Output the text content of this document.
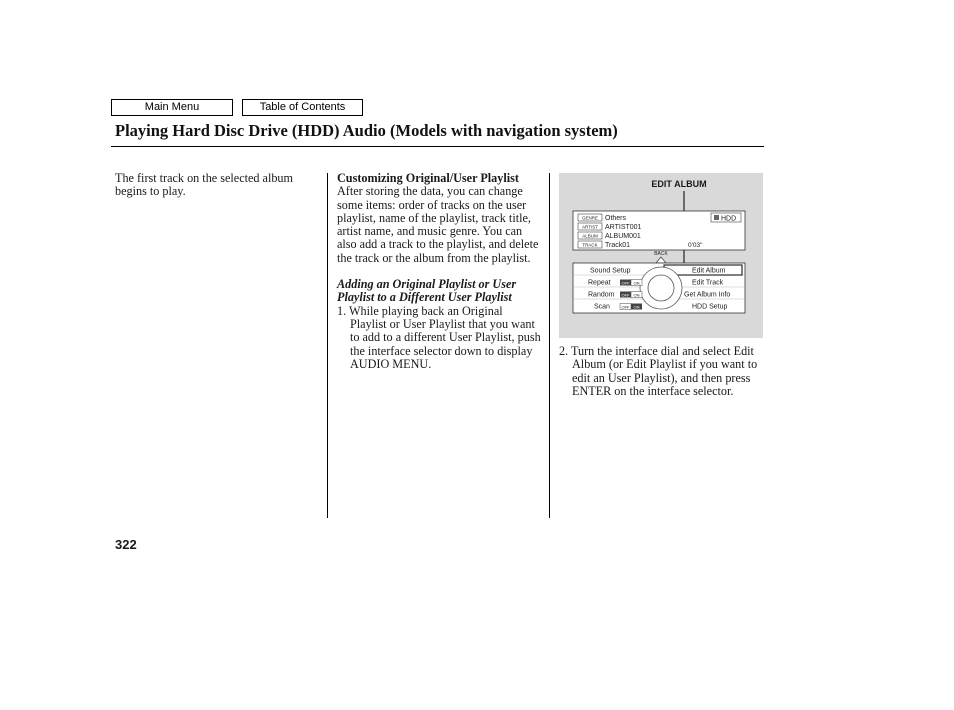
Main Menu	Table of Contents
Playing Hard Disc Drive (HDD) Audio (Models with navigation system)
The first track on the selected album begins to play.
Customizing Original/User Playlist
After storing the data, you can change some items: order of tracks on the user playlist, name of the playlist, track title, artist name, and music genre. You can also add a track to the playlist, and delete the track or the album from the playlist.
Adding an Original Playlist or User Playlist to a Different User Playlist
1. While playing back an Original Playlist or User Playlist that you want to add to a different User Playlist, push the interface selector down to display AUDIO MENU.
GENRE
ARTIST
ALBUM
TRACK
Others
ARTIST001
ALBUM001
Track01
HDD
0'03"
BACK
Sound Setup
Repeat
Random
Scan
OFF ON
OFF ON
OFF ON
Edit Album
Edit Track
Get Album Info
HDD Setup
EDIT ALBUM
2. Turn the interface dial and select Edit Album (or Edit Playlist if you want to edit an User Playlist), and then press ENTER on the interface selector.
322
